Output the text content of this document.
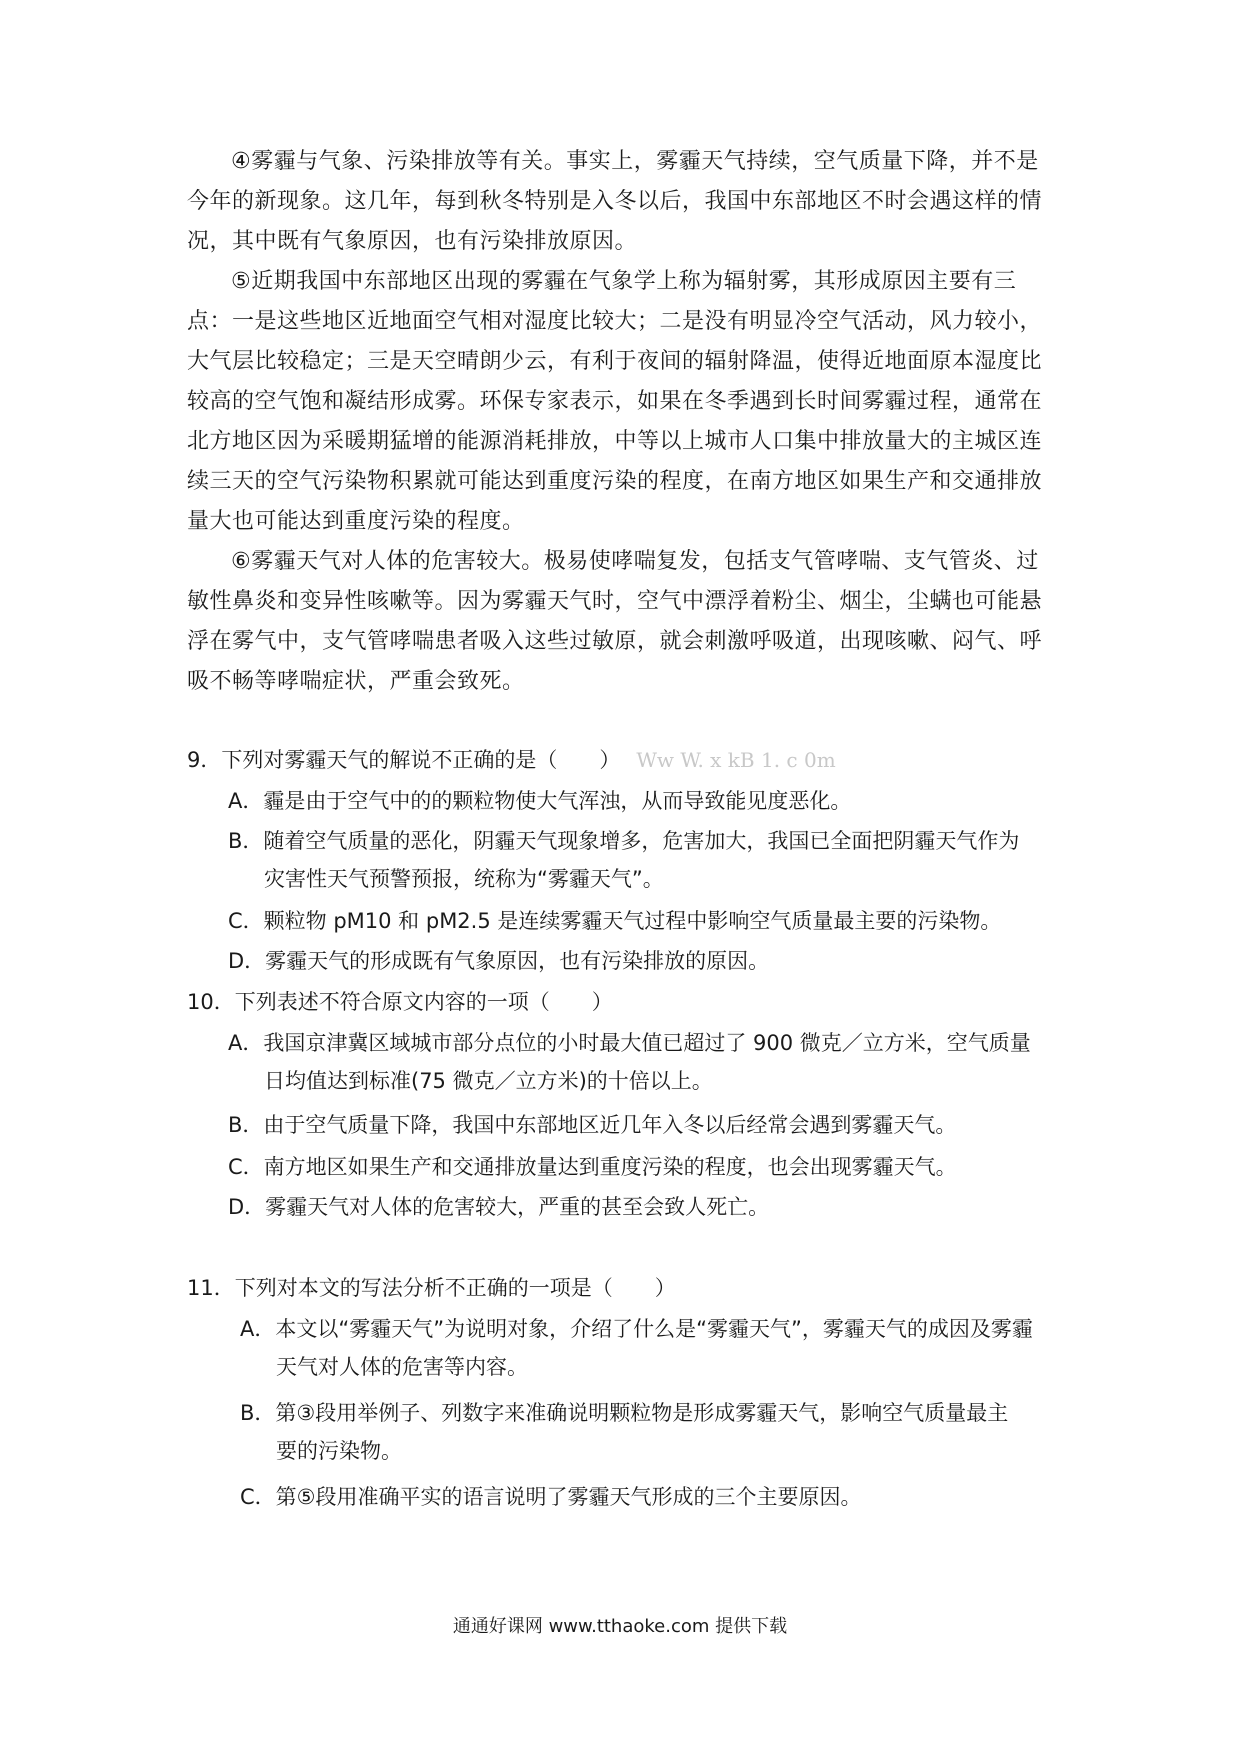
④雾霾与气象、污染排放等有关。事实上，雾霾天气持续，空气质量下降，并不是今年的新现象。这几年，每到秋冬特别是入冬以后，我国中东部地区不时会遇这样的情况，其中既有气象原因，也有污染排放原因。

⑤近期我国中东部地区出现的雾霾在气象学上称为辐射雾，其形成原因主要有三点：一是这些地区近地面空气相对湿度比较大；二是没有明显冷空气活动，风力较小，大气层比较稳定；三是天空晴朗少云，有利于夜间的辐射降温，使得近地面原本湿度比较高的空气饱和凝结形成雾。环保专家表示，如果在冬季遇到长时间雾霾过程，通常在北方地区因为采暖期猛增的能源消耗排放，中等以上城市人口集中排放量大的主城区连续三天的空气污染物积累就可能达到重度污染的程度，在南方地区如果生产和交通排放量大也可能达到重度污染的程度。

⑥雾霾天气对人体的危害较大。极易使哮喘复发，包括支气管哮喘、支气管炎、过敏性鼻炎和变异性咳嗽等。因为雾霾天气时，空气中漂浮着粉尘、烟尘，尘螨也可能悬浮在雾气中，支气管哮喘患者吸入这些过敏原，就会刺激呼吸道，出现咳嗽、闷气、呼吸不畅等哮喘症状，严重会致死。

9．下列对雾霾天气的解说不正确的是（　　） Ww W. x kB 1. c 0m
A．霾是由于空气中的的颗粒物使大气浑浊，从而导致能见度恶化。
B．随着空气质量的恶化，阴霾天气现象增多，危害加大，我国已全面把阴霾天气作为
灾害性天气预警预报，统称为“雾霾天气”。
C．颗粒物 pM10 和 pM2.5 是连续雾霾天气过程中影响空气质量最主要的污染物。
D．雾霾天气的形成既有气象原因，也有污染排放的原因。
10．下列表述不符合原文内容的一项（　　）
A．我国京津冀区域城市部分点位的小时最大值已超过了 900 微克／立方米，空气质量
日均值达到标准(75 微克／立方米)的十倍以上。
B．由于空气质量下降，我国中东部地区近几年入冬以后经常会遇到雾霾天气。
C．南方地区如果生产和交通排放量达到重度污染的程度，也会出现雾霾天气。
D．雾霾天气对人体的危害较大，严重的甚至会致人死亡。
11．下列对本文的写法分析不正确的一项是（　　）
A．本文以“雾霾天气”为说明对象，介绍了什么是“雾霾天气”，雾霾天气的成因及雾霾
天气对人体的危害等内容。
B．第③段用举例子、列数字来准确说明颗粒物是形成雾霾天气，影响空气质量最主
要的污染物。
C．第⑤段用准确平实的语言说明了雾霾天气形成的三个主要原因。
通通好课网 www.tthaoke.com 提供下载
